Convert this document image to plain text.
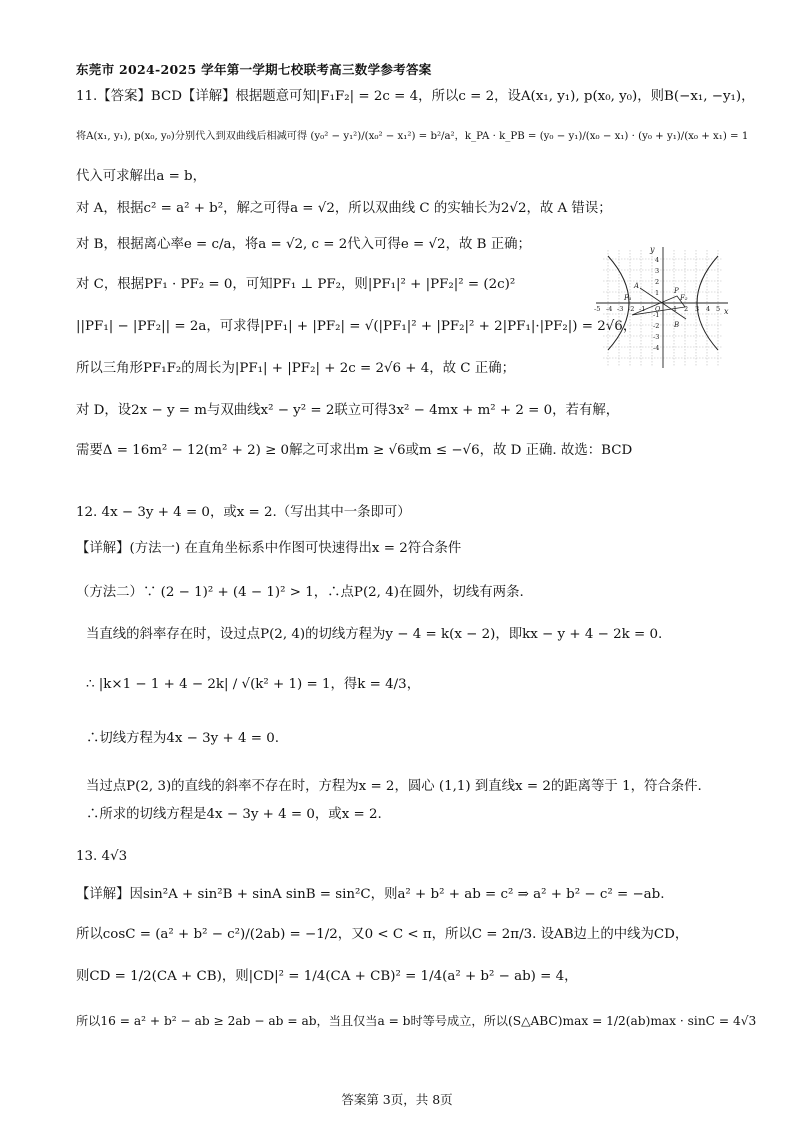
东莞市 2024-2025 学年第一学期七校联考高三数学参考答案
11.【答案】BCD【详解】根据题意可知|F₁F₂| = 2c = 4，所以c = 2，设A(x₁, y₁), p(x₀, y₀)，则B(−x₁, −y₁)，
将A(x₁, y₁), p(x₀, y₀)分别代入到双曲线后相减可得 (y₀² − y₁²)/(x₀² − x₁²) = b²/a²，k_PA · k_PB = (y₀ − y₁)/(x₀ − x₁) · (y₀ + y₁)/(x₀ + x₁) = 1
代入可求解出a = b，
对 A，根据c² = a² + b²，解之可得a = √2，所以双曲线 C 的实轴长为2√2，故 A 错误；
对 B，根据离心率e = c/a，将a = √2, c = 2代入可得e = √2，故 B 正确；
对 C，根据PF₁ · PF₂ = 0，可知PF₁ ⊥ PF₂，则|PF₁|² + |PF₂|² = (2c)²
||PF₁| − |PF₂|| = 2a，可求得|PF₁| + |PF₂| = √(|PF₁|² + |PF₂|² + 2|PF₁|·|PF₂|) = 2√6，
所以三角形PF₁F₂的周长为|PF₁| + |PF₂| + 2c = 2√6 + 4，故 C 正确；
对 D，设2x − y = m与双曲线x² − y² = 2联立可得3x² − 4mx + m² + 2 = 0，若有解，
需要Δ = 16m² − 12(m² + 2) ≥ 0解之可求出m ≥ √6或m ≤ −√6，故 D 正确. 故选：BCD
y
x
-5 -4 -3 -2 -1 O 1 2 3 4 5
4
3
2
1
-1
-2
-3
-4
A
F₁
P
F₂
B
12. 4x − 3y + 4 = 0，或x = 2.（写出其中一条即可）
【详解】(方法一) 在直角坐标系中作图可快速得出x = 2符合条件
（方法二）∵ (2 − 1)² + (4 − 1)² > 1，∴点P(2, 4)在圆外，切线有两条.
当直线的斜率存在时，设过点P(2, 4)的切线方程为y − 4 = k(x − 2)，即kx − y + 4 − 2k = 0.
∴ |k×1 − 1 + 4 − 2k| / √(k² + 1) = 1，得k = 4/3，
∴切线方程为4x − 3y + 4 = 0.
当过点P(2, 3)的直线的斜率不存在时，方程为x = 2，圆心 (1,1) 到直线x = 2的距离等于 1，符合条件.
∴所求的切线方程是4x − 3y + 4 = 0，或x = 2.
13. 4√3
【详解】因sin²A + sin²B + sinA sinB = sin²C，则a² + b² + ab = c² ⇒ a² + b² − c² = −ab.
所以cosC = (a² + b² − c²)/(2ab) = −1/2，又0 < C < π，所以C = 2π/3. 设AB边上的中线为CD，
则CD = 1/2(CA + CB)，则|CD|² = 1/4(CA + CB)² = 1/4(a² + b² − ab) = 4，
所以16 = a² + b² − ab ≥ 2ab − ab = ab，当且仅当a = b时等号成立，所以(S△ABC)max = 1/2(ab)max · sinC = 4√3
答案第 3页，共 8页
